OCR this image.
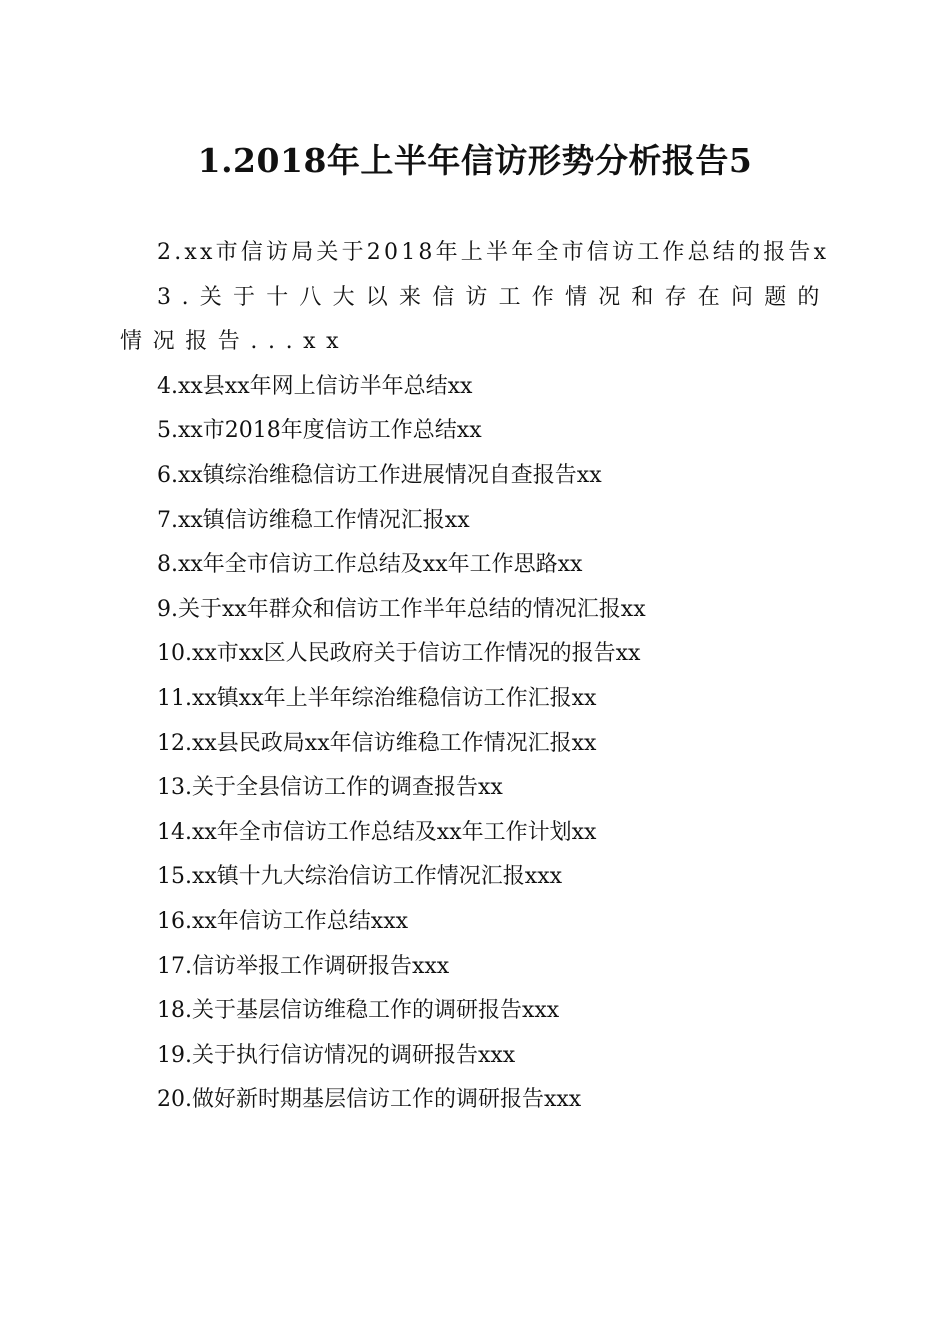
1.2018年上半年信访形势分析报告5
2.xx市信访局关于2018年上半年全市信访工作总结的报告x
3.关于十八大以来信访工作情况和存在问题的情况报告...xx
4.xx县xx年网上信访半年总结xx
5.xx市2018年度信访工作总结xx
6.xx镇综治维稳信访工作进展情况自查报告xx
7.xx镇信访维稳工作情况汇报xx
8.xx年全市信访工作总结及xx年工作思路xx
9.关于xx年群众和信访工作半年总结的情况汇报xx
10.xx市xx区人民政府关于信访工作情况的报告xx
11.xx镇xx年上半年综治维稳信访工作汇报xx
12.xx县民政局xx年信访维稳工作情况汇报xx
13.关于全县信访工作的调查报告xx
14.xx年全市信访工作总结及xx年工作计划xx
15.xx镇十九大综治信访工作情况汇报xxx
16.xx年信访工作总结xxx
17.信访举报工作调研报告xxx
18.关于基层信访维稳工作的调研报告xxx
19.关于执行信访情况的调研报告xxx
20.做好新时期基层信访工作的调研报告xxx
